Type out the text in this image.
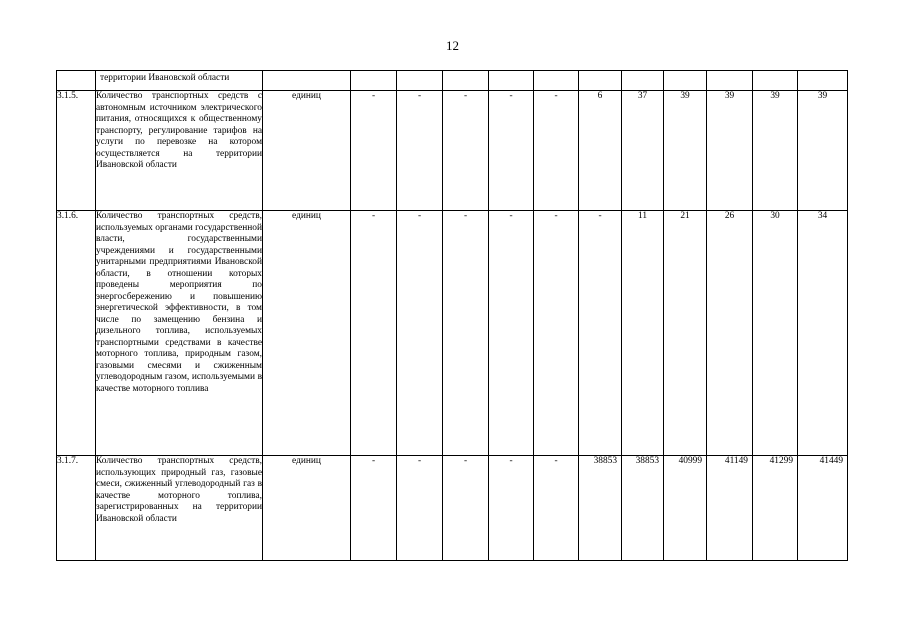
12
	территории Ивановской области													
3.1.5.	Количество транспортных средств с автономным источником электрического питания, относящихся к общественному транспорту, регулирование тарифов на услуги по перевозке на котором осуществляется на территории Ивановской области	единиц	-	-	-	-	-	6	37	39	39	39	39	
3.1.6.	Количество транспортных средств, используемых органами государственной власти, государственными учреждениями и государственными унитарными предприятиями Ивановской области, в отношении которых проведены мероприятия по энергосбережению и повышению энергетической эффективности, в том числе по замещению бензина и дизельного топлива, используемых транспортными средствами в качестве моторного топлива, природным газом, газовыми смесями и сжиженным углеводородным газом, используемыми в качестве моторного топлива	единиц	-	-	-	-	-	-	11	21	26	30	34	
3.1.7.	Количество транспортных средств, использующих природный газ, газовые смеси, сжиженный углеводородный газ в качестве моторного топлива, зарегистрированных на территории Ивановской области	единиц	-	-	-	-	-	38853	38853	40999	41149	41299	41449	
